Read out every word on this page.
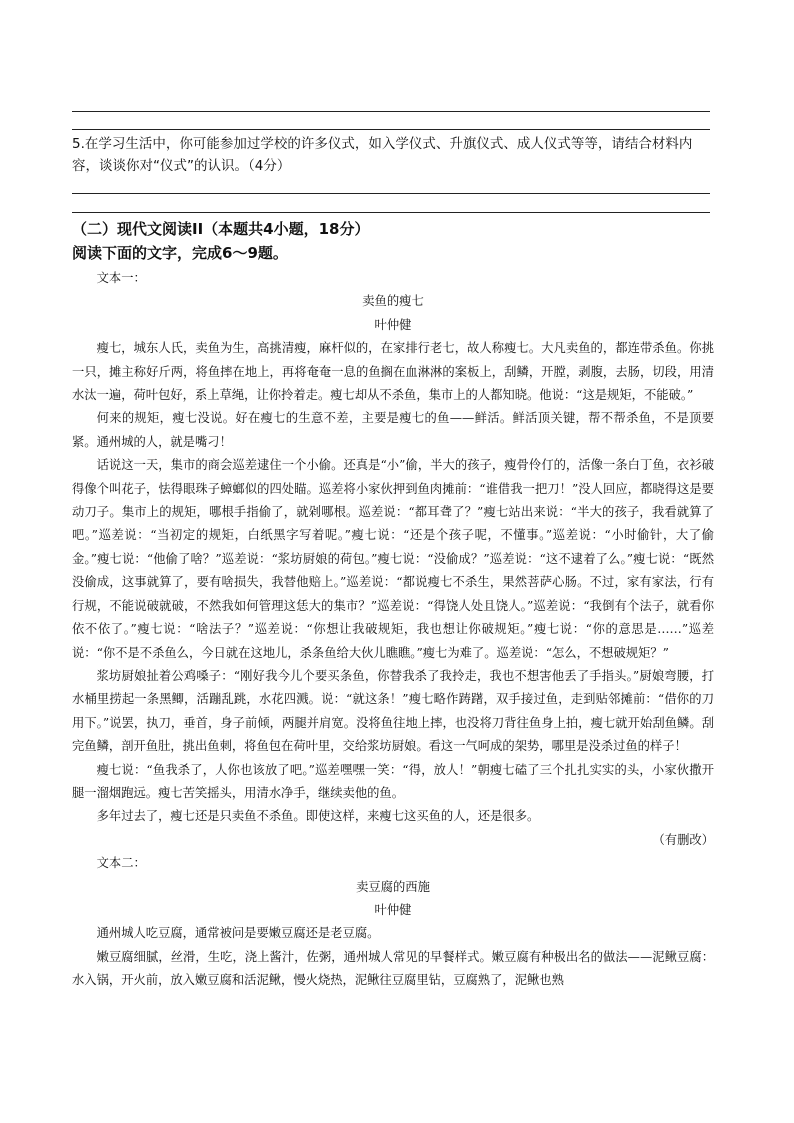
5.在学习生活中，你可能参加过学校的许多仪式，如入学仪式、升旗仪式、成人仪式等等，请结合材料内容，谈谈你对“仪式”的认识。（4分）
（二）现代文阅读II（本题共4小题，18分）
阅读下面的文字，完成6～9题。

文本一：

卖鱼的瘦七

叶仲健

瘦七，城东人氏，卖鱼为生，高挑清瘦，麻杆似的，在家排行老七，故人称瘦七。大凡卖鱼的，都连带杀鱼。你挑一只，摊主称好斤两，将鱼摔在地上，再将奄奄一息的鱼搁在血淋淋的案板上，刮鳞，开膛，剥腹，去肠，切段，用清水汰一遍，荷叶包好，系上草绳，让你拎着走。瘦七却从不杀鱼，集市上的人都知晓。他说：“这是规矩，不能破。”

何来的规矩，瘦七没说。好在瘦七的生意不差，主要是瘦七的鱼——鲜活。鲜活顶关键，帮不帮杀鱼，不是顶要紧。通州城的人，就是嘴刁！

话说这一天，集市的商会巡差逮住一个小偷。还真是“小”偷，半大的孩子，瘦骨伶仃的，活像一条白丁鱼，衣衫破得像个叫花子，怯得眼珠子蟑螂似的四处瞄。巡差将小家伙押到鱼肉摊前：“谁借我一把刀！”没人回应，都晓得这是要动刀子。集市上的规矩，哪根手指偷了，就剁哪根。巡差说：“都耳聋了？”瘦七站出来说：“半大的孩子，我看就算了吧。”巡差说：“当初定的规矩，白纸黑字写着呢。”瘦七说：“还是个孩子呢，不懂事。”巡差说：“小时偷针，大了偷金。”瘦七说：“他偷了啥？”巡差说：“浆坊厨娘的荷包。”瘦七说：“没偷成？”巡差说：“这不逮着了么。”瘦七说：“既然没偷成，这事就算了，要有啥损失，我替他赔上。”巡差说：“都说瘦七不杀生，果然菩萨心肠。不过，家有家法，行有行规，不能说破就破，不然我如何管理这恁大的集市？”巡差说：“得饶人处且饶人。”巡差说：“我倒有个法子，就看你依不依了。”瘦七说：“啥法子？”巡差说：“你想让我破规矩，我也想让你破规矩。”瘦七说：“你的意思是……”巡差说：“你不是不杀鱼么，今日就在这地儿，杀条鱼给大伙儿瞧瞧。”瘦七为难了。巡差说：“怎么，不想破规矩？”

浆坊厨娘扯着公鸡嗓子：“刚好我今儿个要买条鱼，你替我杀了我拎走，我也不想害他丢了手指头。”厨娘弯腰，打水桶里捞起一条黑鲫，活蹦乱跳，水花四溅。说：“就这条！”瘦七略作踌躇，双手接过鱼，走到贴邻摊前：“借你的刀用下。”说罢，执刀，垂首，身子前倾，两腿并肩宽。没将鱼往地上摔，也没将刀背往鱼身上拍，瘦七就开始刮鱼鳞。刮完鱼鳞，剖开鱼肚，挑出鱼刺，将鱼包在荷叶里，交给浆坊厨娘。看这一气呵成的架势，哪里是没杀过鱼的样子！

瘦七说：“鱼我杀了，人你也该放了吧。”巡差嘿嘿一笑：“得，放人！”朝瘦七磕了三个扎扎实实的头，小家伙撒开腿一溜烟跑远。瘦七苦笑摇头，用清水净手，继续卖他的鱼。

多年过去了，瘦七还是只卖鱼不杀鱼。即使这样，来瘦七这买鱼的人，还是很多。

（有删改）

文本二：

卖豆腐的西施

叶仲健

通州城人吃豆腐，通常被问是要嫩豆腐还是老豆腐。

嫩豆腐细腻，丝滑，生吃，浇上酱汁，佐粥，通州城人常见的早餐样式。嫩豆腐有种极出名的做法——泥鳅豆腐：水入锅，开火前，放入嫩豆腐和活泥鳅，慢火烧热，泥鳅往豆腐里钻，豆腐熟了，泥鳅也熟
